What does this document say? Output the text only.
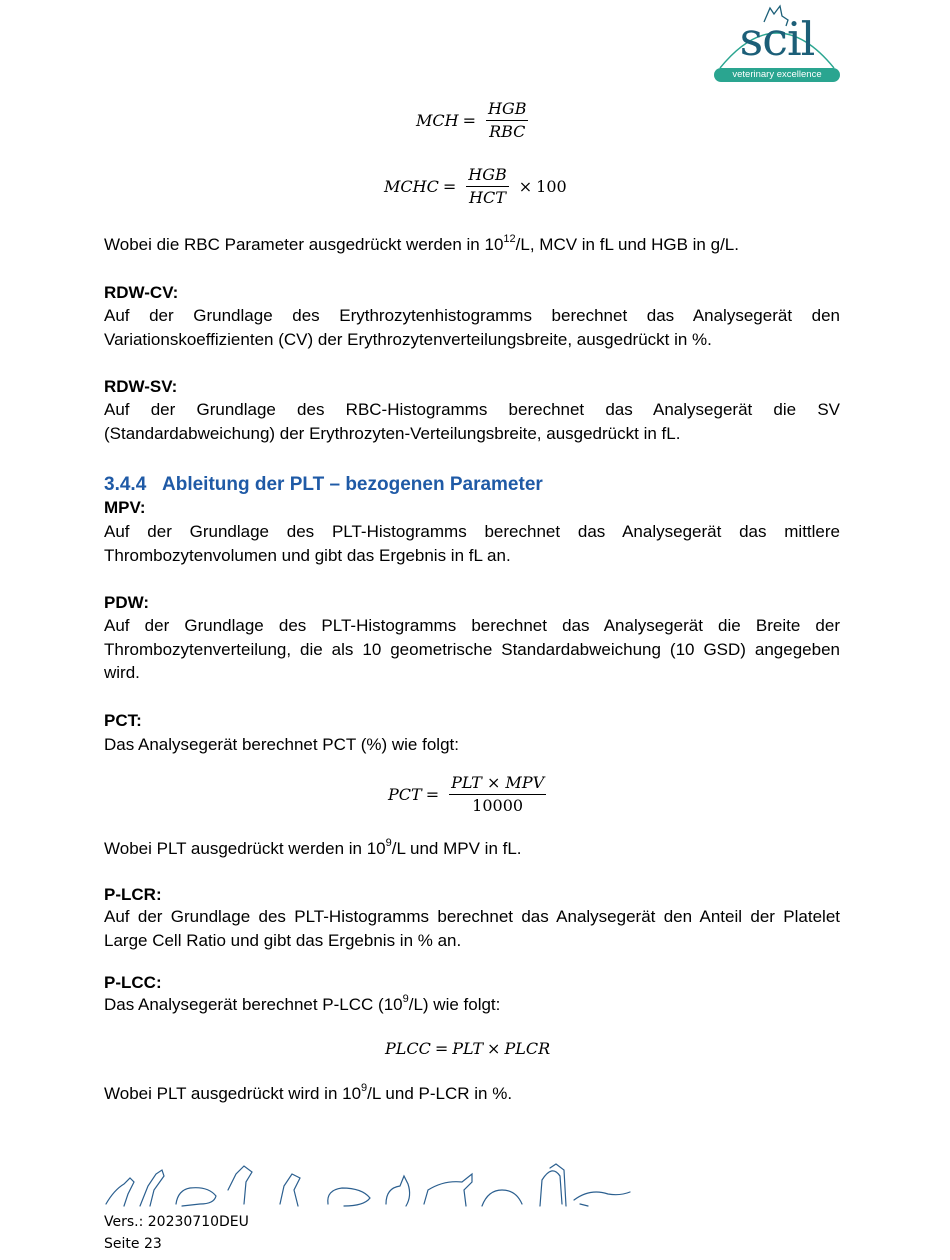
scil
veterinary excellence
MCH = $\frac{\text{HGB}}{\text{RBC}}$
MCHC = $\frac{\text{HGB}}{\text{HCT}} \times 100$
Wobei die RBC Parameter ausgedrückt werden in $10^{12}/L$, MCV in fL und HGB in g/L.
RDW-CV:
Auf der Grundlage des Erythrozytenhistogramms berechnet das Analysegerät den Variationskoeffizienten (CV) der Erythrozytenverteilungsbreite, ausgedrückt in %.
RDW-SV:
Auf der Grundlage des RBC-Histogramms berechnet das Analysegerät die SV (Standardabweichung) der Erythrozyten-Verteilungsbreite, ausgedrückt in fL.
3.4.4 Ableitung der PLT – bezogenen Parameter
MPV:
Auf der Grundlage des PLT-Histogramms berechnet das Analysegerät das mittlere Thrombozytenvolumen und gibt das Ergebnis in fL an.
PDW:
Auf der Grundlage des PLT-Histogramms berechnet das Analysegerät die Breite der Thrombozytenverteilung, die als 10 geometrische Standardabweichung (10 GSD) angegeben wird.
PCT:
Das Analysegerät berechnet PCT (%) wie folgt:
Wobei PLT ausgedrückt werden in $10^9/L$ und MPV in fL.
P-LCR:
Auf der Grundlage des PLT-Histogramms berechnet das Analysegerät den Anteil der Platelet Large Cell Ratio und gibt das Ergebnis in % an.
P-LCC:
Das Analysegerät berechnet P-LCC $(10^9/L)$ wie folgt:
Wobei PLT ausgedrückt wird in $10^9/L$ und P-LCR in %.
PCT = $\frac{\text{PLT × MPV}}{10000}$
PLCC = PLT × PLCR
Vers.: 20230710DEU
Seite 23
